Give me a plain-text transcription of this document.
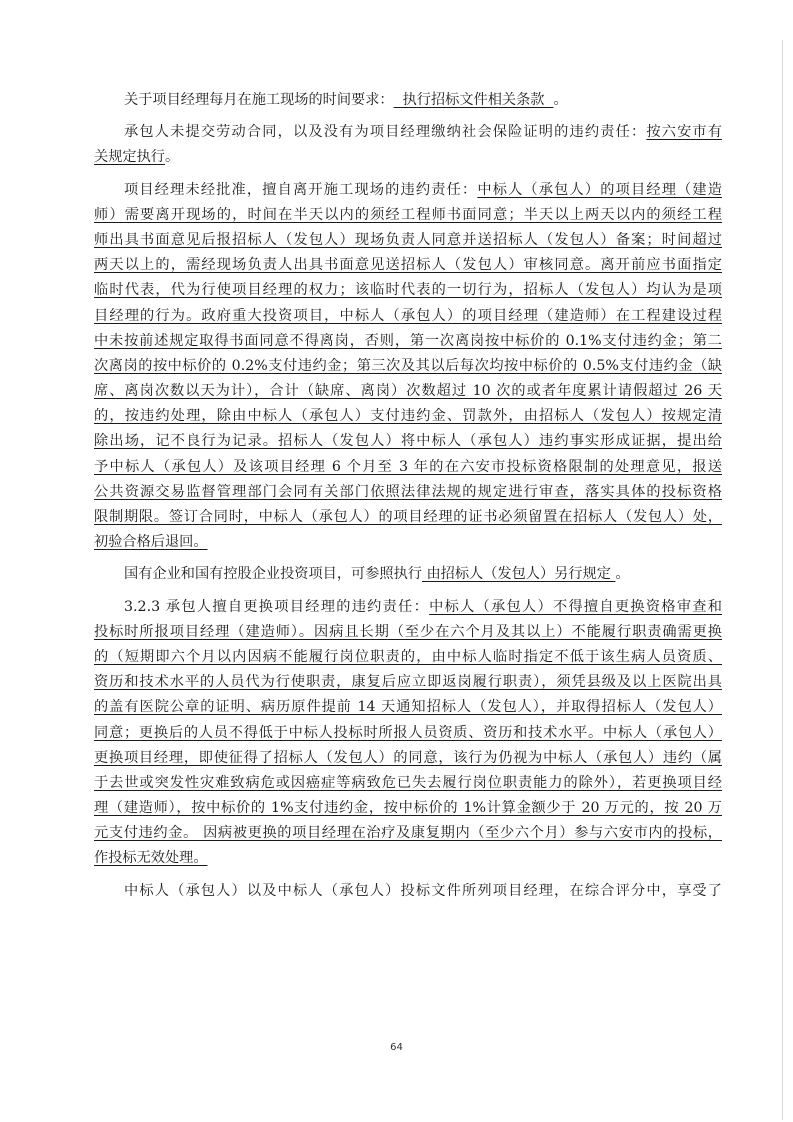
关于项目经理每月在施工现场的时间要求：  执行招标文件相关条款  。
承包人未提交劳动合同，以及没有为项目经理缴纳社会保险证明的违约责任：按六安市有
关规定执行。
项目经理未经批准，擅自离开施工现场的违约责任：中标人（承包人）的项目经理（建造
师）需要离开现场的，时间在半天以内的须经工程师书面同意；半天以上两天以内的须经工程
师出具书面意见后报招标人（发包人）现场负责人同意并送招标人（发包人）备案；时间超过
两天以上的，需经现场负责人出具书面意见送招标人（发包人）审核同意。离开前应书面指定
临时代表，代为行使项目经理的权力；该临时代表的一切行为，招标人（发包人）均认为是项
目经理的行为。政府重大投资项目，中标人（承包人）的项目经理（建造师）在工程建设过程
中未按前述规定取得书面同意不得离岗，否则，第一次离岗按中标价的 0.1%支付违约金；第二
次离岗的按中标价的 0.2%支付违约金；第三次及其以后每次均按中标价的 0.5%支付违约金（缺
席、离岗次数以天为计），合计（缺席、离岗）次数超过 10 次的或者年度累计请假超过 26 天
的，按违约处理，除由中标人（承包人）支付违约金、罚款外，由招标人（发包人）按规定清
除出场，记不良行为记录。招标人（发包人）将中标人（承包人）违约事实形成证据，提出给
予中标人（承包人）及该项目经理 6 个月至 3 年的在六安市投标资格限制的处理意见，报送
公共资源交易监督管理部门会同有关部门依照法律法规的规定进行审查，落实具体的投标资格
限制期限。签订合同时，中标人（承包人）的项目经理的证书必须留置在招标人（发包人）处，
初验合格后退回。
国有企业和国有控股企业投资项目，可参照执行 由招标人（发包人）另行规定 。
3.2.3 承包人擅自更换项目经理的违约责任：中标人（承包人）不得擅自更换资格审查和
投标时所报项目经理（建造师）。因病且长期（至少在六个月及其以上）不能履行职责确需更换
的（短期即六个月以内因病不能履行岗位职责的，由中标人临时指定不低于该生病人员资质、
资历和技术水平的人员代为行使职责，康复后应立即返岗履行职责），须凭县级及以上医院出具
的盖有医院公章的证明、病历原件提前 14 天通知招标人（发包人），并取得招标人（发包人）
同意；更换后的人员不得低于中标人投标时所报人员资质、资历和技术水平。中标人（承包人）
更换项目经理，即使征得了招标人（发包人）的同意，该行为仍视为中标人（承包人）违约（属
于去世或突发性灾难致病危或因癌症等病致危已失去履行岗位职责能力的除外），若更换项目经
理（建造师），按中标价的 1%支付违约金，按中标价的 1%计算金额少于 20 万元的，按 20 万
元支付违约金。 因病被更换的项目经理在治疗及康复期内（至少六个月）参与六安市内的投标，
作投标无效处理。
中标人（承包人）以及中标人（承包人）投标文件所列项目经理，在综合评分中，享受了
64
